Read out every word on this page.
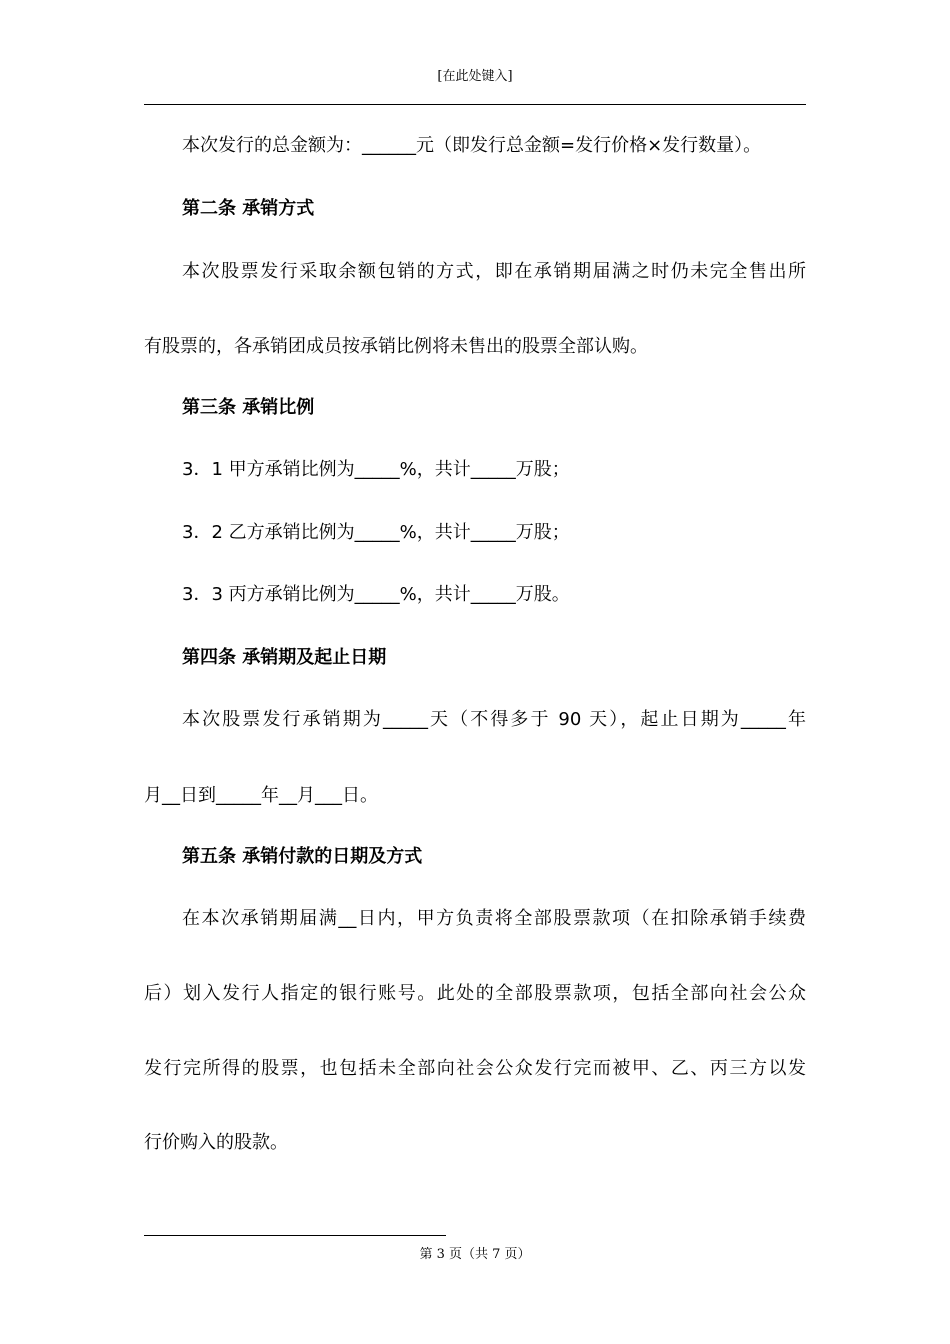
[在此处键入]

本次发行的总金额为：______元（即发行总金额=发行价格×发行数量）。

第二条 承销方式

本次股票发行采取余额包销的方式，即在承销期届满之时仍未完全售出所

有股票的，各承销团成员按承销比例将未售出的股票全部认购。

第三条 承销比例

3．1 甲方承销比例为_____%，共计_____万股；

3．2 乙方承销比例为_____%，共计_____万股；

3．3 丙方承销比例为_____%，共计_____万股。

第四条 承销期及起止日期

本次股票发行承销期为_____天（不得多于 90 天），起止日期为_____年

月__日到_____年__月___日。

第五条 承销付款的日期及方式

在本次承销期届满__日内，甲方负责将全部股票款项（在扣除承销手续费

后）划入发行人指定的银行账号。此处的全部股票款项，包括全部向社会公众

发行完所得的股票，也包括未全部向社会公众发行完而被甲、乙、丙三方以发

行价购入的股款。

第 3 页（共 7 页）
